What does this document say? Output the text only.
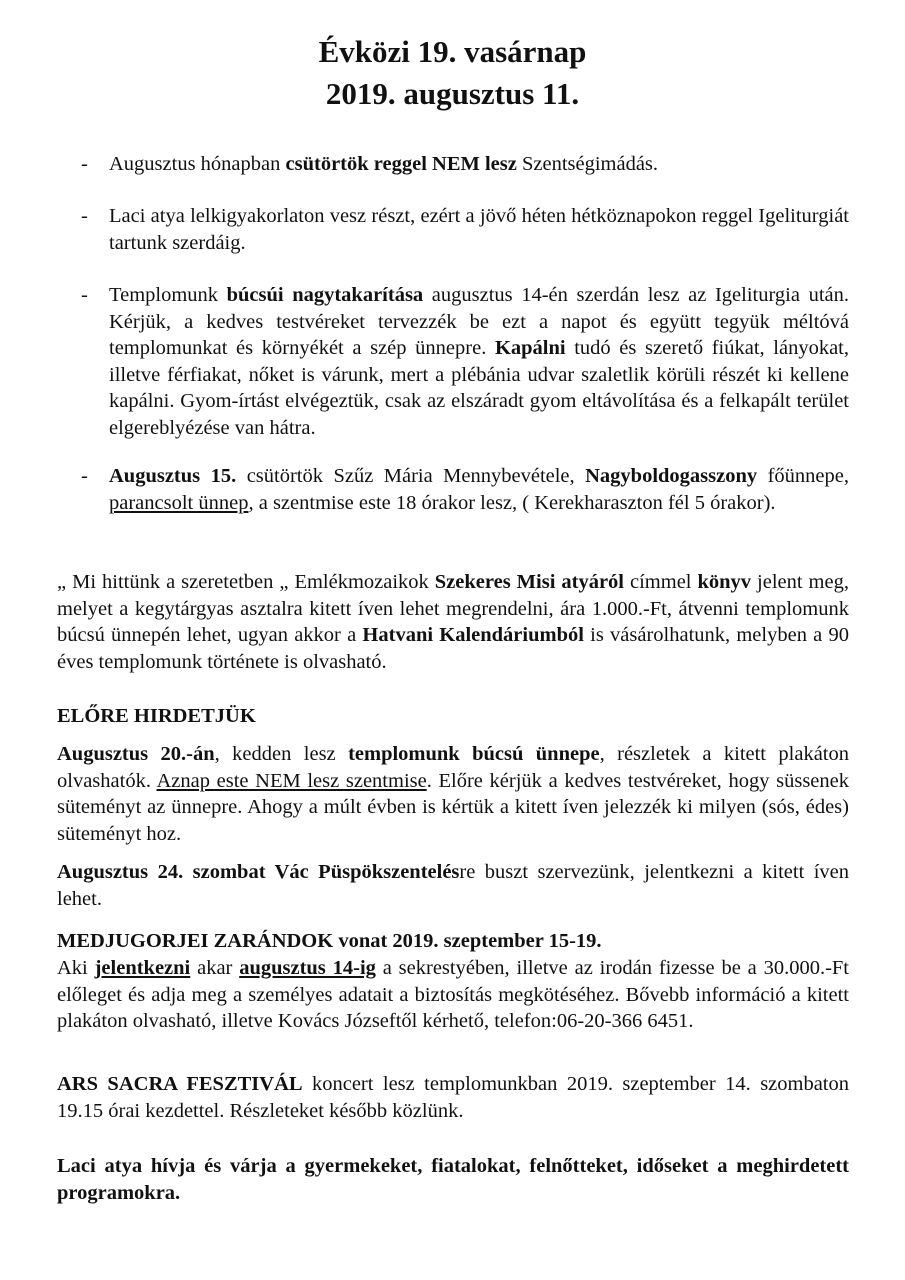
Évközi 19. vasárnap
2019. augusztus 11.
- Augusztus hónapban csütörtök reggel NEM lesz Szentségimádás.
- Laci atya lelkigyakorlaton vesz részt, ezért a jövő héten hétköznapokon reggel Igeliturgiát tartunk szerdáig.
- Templomunk búcsúi nagytakarítása augusztus 14-én szerdán lesz az Igeliturgia után. Kérjük, a kedves testvéreket tervezzék be ezt a napot és együtt tegyük méltóvá templomunkat és környékét a szép ünnepre. Kapálni tudó és szerető fiúkat, lányokat, illetve férfiakat, nőket is várunk, mert a plébánia udvar szaletlik körüli részét ki kellene kapálni. Gyom-írtást elvégeztük, csak az elszáradt gyom eltávolítása és a felkapált terület elgereblyézése van hátra.
- Augusztus 15. csütörtök Szűz Mária Mennybevétele, Nagyboldogasszony főünnepe, parancsolt ünnep, a szentmise este 18 órakor lesz, ( Kerekharaszton fél 5 órakor).
„ Mi hittünk a szeretetben „ Emlékmozaikok Szekeres Misi atyáról címmel könyv jelent meg, melyet a kegytárgyas asztalra kitett íven lehet megrendelni, ára 1.000.-Ft, átvenni templomunk búcsú ünnepén lehet, ugyan akkor a Hatvani Kalendáriumból is vásárolhatunk, melyben a 90 éves templomunk története is olvasható.
ELŐRE HIRDETJÜK
Augusztus 20.-án, kedden lesz templomunk búcsú ünnepe, részletek a kitett plakáton olvashatók. Aznap este NEM lesz szentmise. Előre kérjük a kedves testvéreket, hogy süssenek süteményt az ünnepre. Ahogy a múlt évben is kértük a kitett íven jelezzék ki milyen (sós, édes) süteményt hoz.
Augusztus 24. szombat Vác Püspökszentelésre buszt szervezünk, jelentkezni a kitett íven lehet.
MEDJUGORJEI ZARÁNDOK vonat 2019. szeptember 15-19.
Aki jelentkezni akar augusztus 14-ig a sekrestyében, illetve az irodán fizesse be a 30.000.-Ft előleget és adja meg a személyes adatait a biztosítás megkötéséhez. Bővebb információ a kitett plakáton olvasható, illetve Kovács Józseftől kérhető, telefon:06-20-366 6451.
ARS SACRA FESZTIVÁL koncert lesz templomunkban 2019. szeptember 14. szombaton 19.15 órai kezdettel. Részleteket később közlünk.
Laci atya hívja és várja a gyermekeket, fiatalokat, felnőtteket, időseket a meghirdetett programokra.
